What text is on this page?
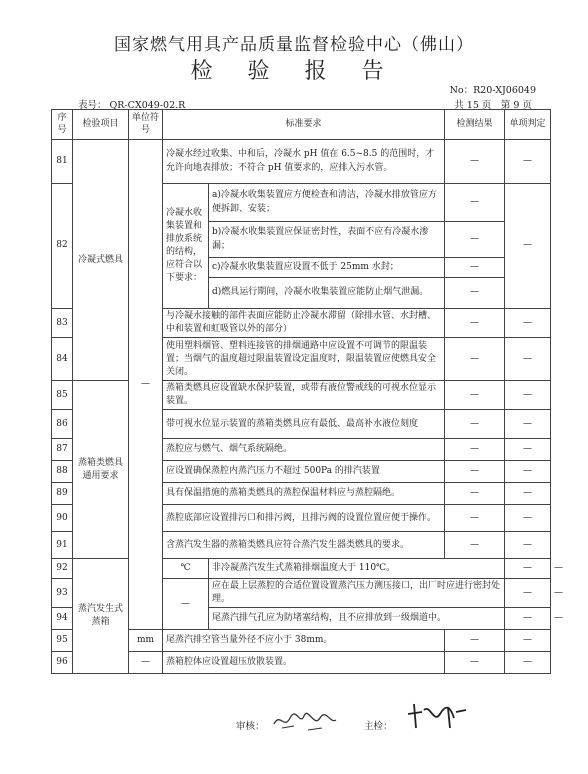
国家燃气用具产品质量监督检验中心（佛山）
检 验 报 告
No：R20-XJ06049
表号： QR-CX049-02.R	共 15 页　第 9 页
序号	检验项目	单位符号	标准要求		检测结果	单项判定	
81	冷凝式燃具	—	冷凝水经过收集、中和后，冷凝水 pH 值在 6.5~8.5 的范围时，才允许向地表排放；不符合 pH 值要求的，应排入污水管。		—	—	
82			冷凝水收集装置和排放系统的结构，应符合以下要求：	a)冷凝水收集装置应方便检查和清洁，冷凝水排放管应方便拆卸、安装；	—	—	
				b)冷凝水收集装置应保证密封性，表面不应有冷凝水渗漏；	—		
				c)冷凝水收集装置应设置不低于 25mm 水封；	—		
				d)燃具运行期间，冷凝水收集装置应能防止烟气泄漏。	—		
83			与冷凝水接触的部件表面应能防止冷凝水滞留（除排水管、水封槽、中和装置和虹吸管以外的部分）		—	—	
84			使用塑料烟管、塑料连接管的排烟通路中应设置不可调节的限温装置；当烟气的温度超过限温装置设定温度时，限温装置应使燃具安全关闭。		—	—	
85	蒸箱类燃具通用要求		蒸箱类燃具应设置缺水保护装置，或带有液位警戒线的可视水位显示装置。		—	—	
86			带可视水位显示装置的蒸箱类燃具应有最低、最高补水液位刻度		—	—	
87			蒸腔应与燃气、烟气系统隔绝。		—	—	
88			应设置确保蒸腔内蒸汽压力不超过 500Pa 的排汽装置		—	—	
89			具有保温措施的蒸箱类燃具的蒸腔保温材料应与蒸腔隔绝。		—	—	
90			蒸腔底部应设置排污口和排污阀，且排污阀的设置位置应便于操作。		—	—	
91			含蒸汽发生器的蒸箱类燃具应符合蒸汽发生器类燃具的要求。		—	—	
92	蒸汽发生式蒸箱		℃	非冷凝蒸汽发生式蒸箱排烟温度大于 110℃。		—	—
93			—	应在最上层蒸腔的合适位置设置蒸汽压力测压接口，出厂时应进行密封处理。		—	—
94				尾蒸汽排气孔应为防堵塞结构，且不应排放到一级烟道中。		—	—
95		mm	尾蒸汽排空管当量外径不应小于 38mm。		—	—	
96		—	蒸箱腔体应设置超压放散装置。		—	—	
审核：	主检：
